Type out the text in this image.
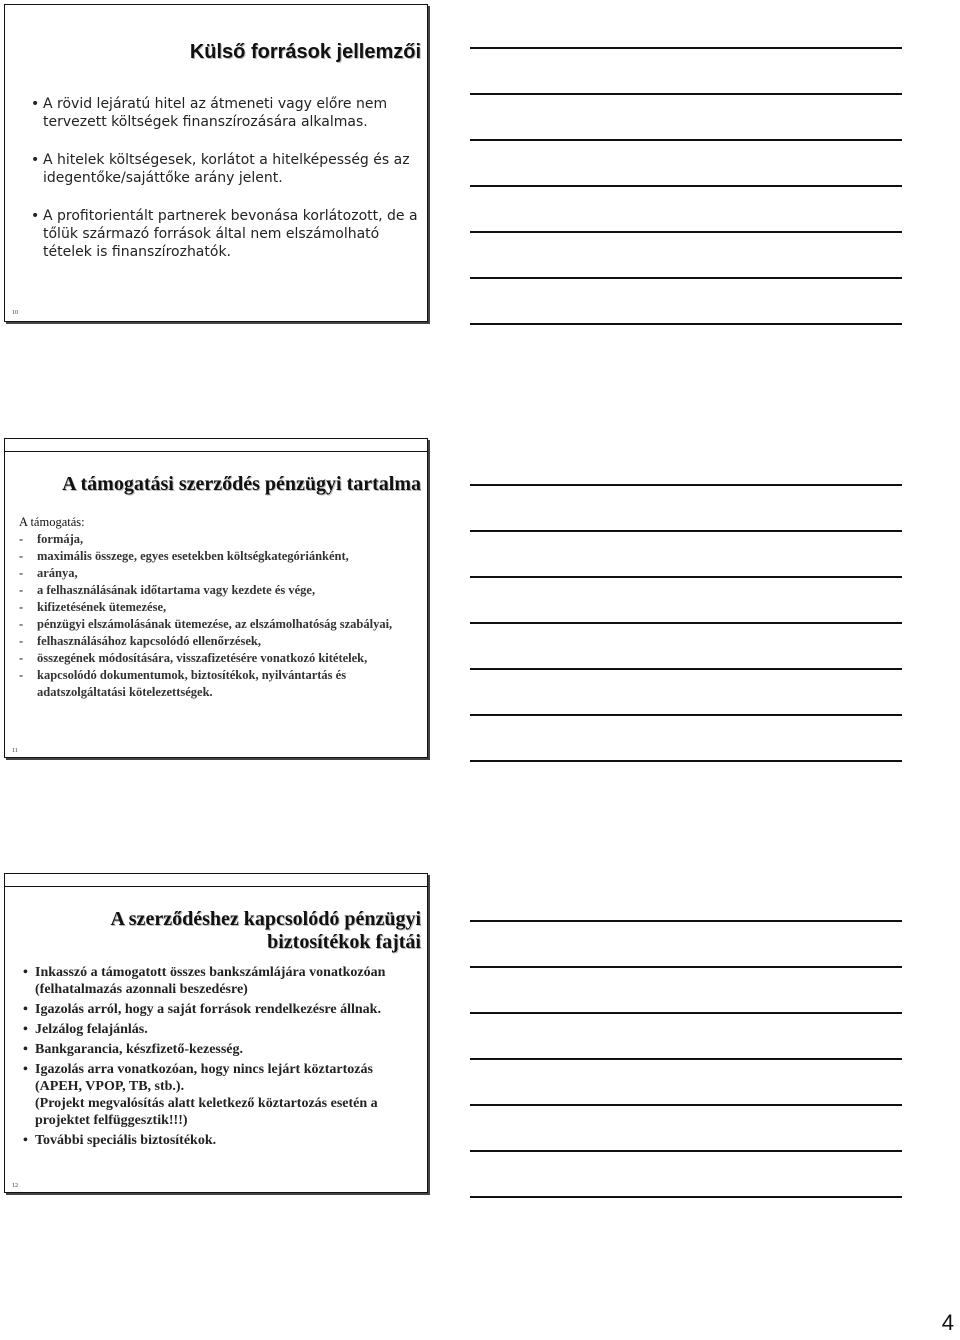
Külső források jellemzői
• A rövid lejáratú hitel az átmeneti vagy előre nem tervezett költségek finanszírozására alkalmas.
• A hitelek költségesek, korlátot a hitelképesség és az idegentőke/sajáttőke arány jelent.
• A profitorientált partnerek bevonása korlátozott, de a tőlük származó források által nem elszámolható tételek is finanszírozhatók.
10
A támogatási szerződés pénzügyi tartalma
A támogatás:
- formája,
- maximális összege, egyes esetekben költségkategóriánként,
- aránya,
- a felhasználásának időtartama vagy kezdete és vége,
- kifizetésének ütemezése,
- pénzügyi elszámolásának ütemezése, az elszámolhatóság szabályai,
- felhasználásához kapcsolódó ellenőrzések,
- összegének módosítására, visszafizetésére vonatkozó kitételek,
- kapcsolódó dokumentumok, biztosítékok, nyilvántartás és adatszolgáltatási kötelezettségek.
11
A szerződéshez kapcsolódó pénzügyi
biztosítékok fajtái
• Inkasszó a támogatott összes bankszámlájára vonatkozóan (felhatalmazás azonnali beszedésre)
• Igazolás arról, hogy a saját források rendelkezésre állnak.
• Jelzálog felajánlás.
• Bankgarancia, készfizető-kezesség.
• Igazolás arra vonatkozóan, hogy nincs lejárt köztartozás (APEH, VPOP, TB, stb.).
(Projekt megvalósítás alatt keletkező köztartozás esetén a projektet felfüggesztik!!!)
• További speciális biztosítékok.
12
4
